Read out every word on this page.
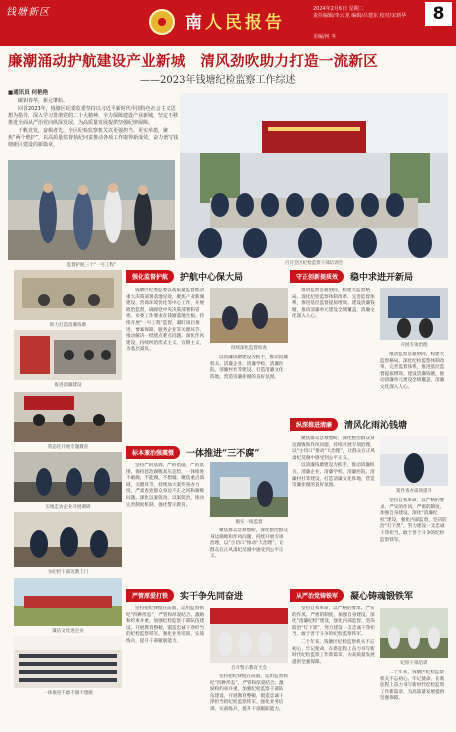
钱塘新区
南人民报告
2024年2月6日 星期二
责任编辑/李云龙 编辑/吕建东 校对/宋新华
美编/何 冬
8
廉潮涌动护航建设产业新城　清风劲吹助力打造一流新区
——2023年钱塘纪检监察工作综述
■通讯员 何艳艳

碳钥春华，新元肇始。

回首2023年，钱塘区纪委监委坚持以习近平新时代中国特色社会主义思想为指导，深入学习贯彻党的二十大精神，全力保障建设产业新城，坚定不移推进全面从严治党向纵深发展，为高质量发展提供坚强纪律保障。

千帆竞发，奋楫者先。全区纪检监察机关以更强担当、更实举措，聚焦“两个维护”，以高质量监督执纪问责推动各项工作取得新成效，奋力谱写钱塘新区建设的新篇章。

监督护航三个“一号工程”	召开全区纪检监察干部培训会
助力打造清廉钱塘
推进清廉建设
常态化开展专题教育
实地走访企业开展调研
为纪检干部送教上门
廉洁文化进企业
一体推进不敢不腐不想腐
强化监督护航	护航中心保大局	守正创新提质效	稳中求进开新局
标本兼治强震慑	一体推进“三不腐”
纵深推进清廉	清风化雨沁钱塘
严管厚爱打铁	实干争先同奋进	从严治党铸铁军	凝心铸魂锻铁军
持续深化监督检查
开展专项治理
做实一线监督
案件查办质效提升
召开警示教育大会
纪检干部培训

钱塘区纪委监委以高质量监督推动重大决策部署落地见效，聚焦产业新城建设、营商环境优化等中心工作，开展政治监督，确保党中央决策部署和省委、市委工作要求在钱塘落地生根。持续开展“一号工程”监督，紧盯项目推进、要素保障、服务企业等关键环节，推动解决一批堵点难点问题。深化作风建设，持续纠治形式主义、官僚主义，为基层减负。

坚持严的基调、严的措施、严的氛围，保持惩治腐败高压态势，一体推进不敢腐、不能腐、不想腐。聚焦重点领域、关键环节，持续加大案件查办力度，严肃查处群众身边不正之风和腐败问题。深化以案促改、以案促治，推动完善制度机制，强化警示教育。

坚持把纪律挺在前面，运用监督执纪“四种形态”，严管和厚爱结合、激励和约束并重。加强纪检监察干部队伍建设，开展教育整顿，锻造忠诚干净担当的纪检监察铁军。强化业务培训、实战练兵，提升干部履职能力。

推动监督贯通协同，构建大监督格局。深化纪检监察体制改革，完善监督体系，推进基层监督提质增效。建设清廉钱塘，推动清廉单元建设全域覆盖，清廉文化深入人心。

聚焦群众急难愁盼，深化整治群众身边腐败和作风问题，持续开展专项治理，以“小切口”推动“大治理”，让群众在正风肃纪反腐中感受到公平正义。

以清廉钱塘建设为抓手，推动清廉机关、清廉企业、清廉学校、清廉医院、清廉村社等建设，打造清廉文化阵地，营造崇廉拒腐的良好氛围。

以清廉钱塘建设为抓手，推动清廉机关、清廉企业、清廉学校、清廉医院、清廉村社等建设，打造清廉文化阵地，营造崇廉拒腐的良好氛围。

聚焦群众急难愁盼，深化整治群众身边腐败和作风问题，持续开展专项治理，以“小切口”推动“大治理”，让群众在正风肃纪反腐中感受到公平正义。

坚持自我革命，以严格的要求、严实的作风、严密的制度，加强自身建设。深化“清廉纪检”建设，强化内部监督，坚决防治“灯下黑”，努力建设一支忠诚干净担当、敢于善于斗争的纪检监察铁军。

二十年来，钱塘区纪检监察机关不忘初心、牢记使命，在新征程上奋力书写新时代纪检监察工作新篇章，为高质量发展提供坚强保障。

推动监督贯通协同，构建大监督格局。深化纪检监察体制改革，完善监督体系，推进基层监督提质增效。建设清廉钱塘，推动清廉单元建设全域覆盖，清廉文化深入人心。

坚持自我革命，以严格的要求、严实的作风、严密的制度，加强自身建设。深化“清廉纪检”建设，强化内部监督，坚决防治“灯下黑”，努力建设一支忠诚干净担当、敢于善于斗争的纪检监察铁军。

二十年来，钱塘区纪检监察机关不忘初心、牢记使命，在新征程上奋力书写新时代纪检监察工作新篇章，为高质量发展提供坚强保障。

坚持把纪律挺在前面，运用监督执纪“四种形态”，严管和厚爱结合、激励和约束并重。加强纪检监察干部队伍建设，开展教育整顿，锻造忠诚干净担当的纪检监察铁军。强化业务培训、实战练兵，提升干部履职能力。
